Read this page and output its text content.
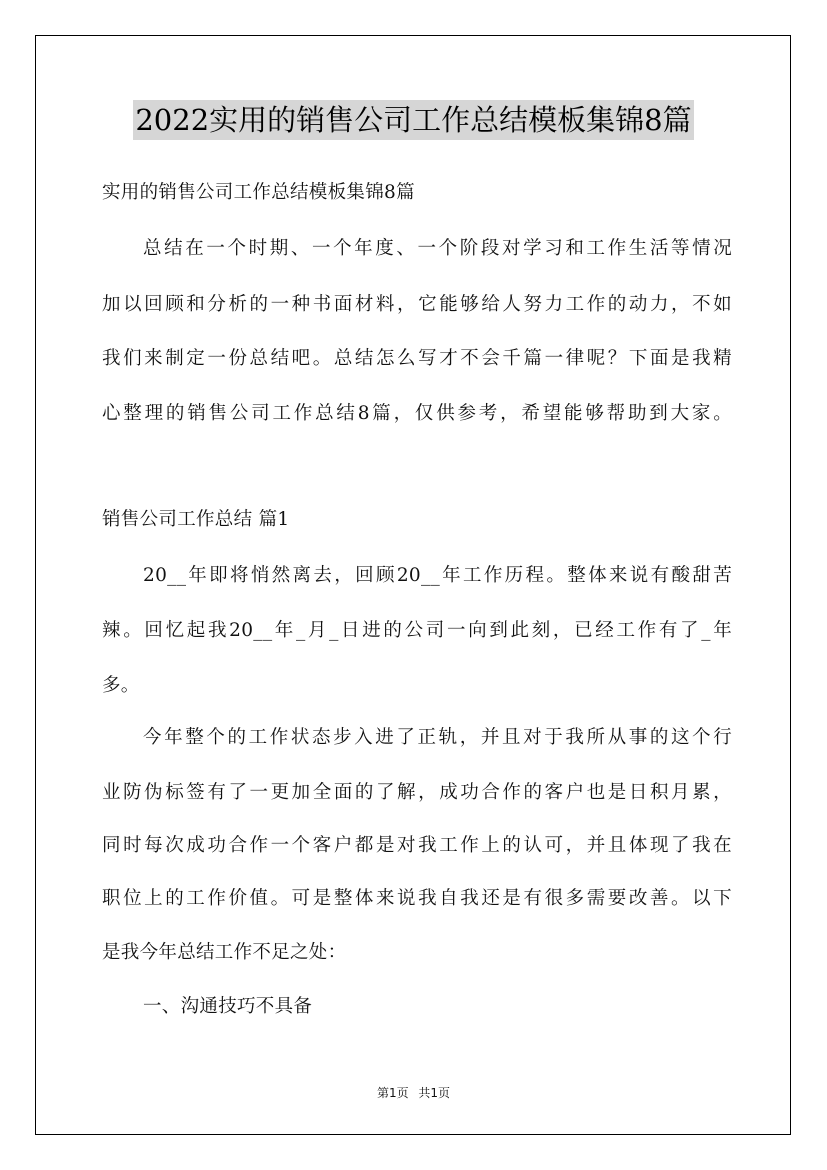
2022实用的销售公司工作总结模板集锦8篇
实用的销售公司工作总结模板集锦8篇
总结在一个时期、一个年度、一个阶段对学习和工作生活等情况
加以回顾和分析的一种书面材料，它能够给人努力工作的动力，不如
我们来制定一份总结吧。总结怎么写才不会千篇一律呢？下面是我精
心整理的销售公司工作总结8篇，仅供参考，希望能够帮助到大家。
销售公司工作总结 篇1
20__年即将悄然离去，回顾20__年工作历程。整体来说有酸甜苦
辣。回忆起我20__年_月_日进的公司一向到此刻，已经工作有了_年
多。
今年整个的工作状态步入进了正轨，并且对于我所从事的这个行
业防伪标签有了一更加全面的了解，成功合作的客户也是日积月累，
同时每次成功合作一个客户都是对我工作上的认可，并且体现了我在
职位上的工作价值。可是整体来说我自我还是有很多需要改善。以下
是我今年总结工作不足之处：
一、沟通技巧不具备
第1页 共1页
